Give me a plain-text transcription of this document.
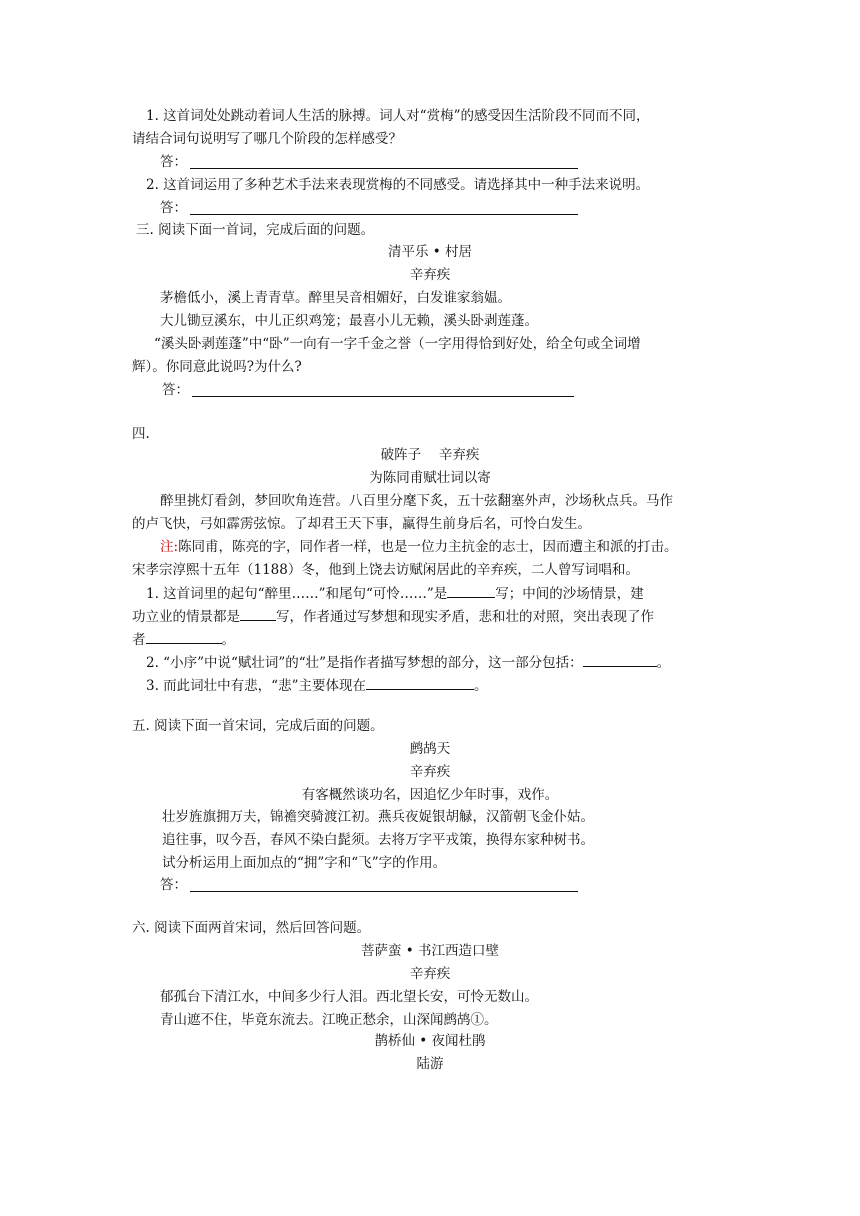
1. 这首词处处跳动着词人生活的脉搏。词人对“赏梅”的感受因生活阶段不同而不同，
请结合词句说明写了哪几个阶段的怎样感受？
答：
2. 这首词运用了多种艺术手法来表现赏梅的不同感受。请选择其中一种手法来说明。
答：
三. 阅读下面一首词，完成后面的问题。
清平乐 • 村居
辛弃疾
茅檐低小，溪上青青草。醉里吴音相媚好，白发谁家翁媪。
大儿锄豆溪东，中儿正织鸡笼；最喜小儿无赖，溪头卧剥莲蓬。
“溪头卧剥莲蓬”中“卧”一向有一字千金之誉（一字用得恰到好处，给全句或全词增
辉）。你同意此说吗?为什么?
答：
四.
破阵子　 辛弃疾
为陈同甫赋壮词以寄
醉里挑灯看剑，梦回吹角连营。八百里分麾下炙，五十弦翻塞外声，沙场秋点兵。马作
的卢飞快，弓如霹雳弦惊。了却君王天下事，赢得生前身后名，可怜白发生。
注:陈同甫，陈亮的字，同作者一样，也是一位力主抗金的志士，因而遭主和派的打击。
宋孝宗淳熙十五年（1188）冬，他到上饶去访赋闲居此的辛弃疾，二人曾写词唱和。
1. 这首词里的起句“醉里……”和尾句“可怜……”是	写；中间的沙场情景，建
功立业的情景都是	写，作者通过写梦想和现实矛盾，悲和壮的对照，突出表现了作
者	。
2. “小序”中说“赋壮词”的“壮”是指作者描写梦想的部分，这一部分包括：	。
3. 而此词壮中有悲，“悲”主要体现在	。
五. 阅读下面一首宋词，完成后面的问题。
鹧鸪天
辛弃疾
有客概然谈功名，因追忆少年时事，戏作。
壮岁旌旗拥万夫，锦襜突骑渡江初。燕兵夜娖银胡觮，汉箭朝飞金仆姑。
追往事，叹今吾，春风不染白髭须。去将万字平戎策，换得东家种树书。
试分析运用上面加点的“拥”字和“飞”字的作用。
答：
六. 阅读下面两首宋词，然后回答问题。
菩萨蛮 • 书江西造口壁
辛弃疾
郁孤台下清江水，中间多少行人泪。西北望长安，可怜无数山。
青山遮不住，毕竟东流去。江晚正愁余，山深闻鹧鸪①。
鹊桥仙 • 夜闻杜鹃
陆游
